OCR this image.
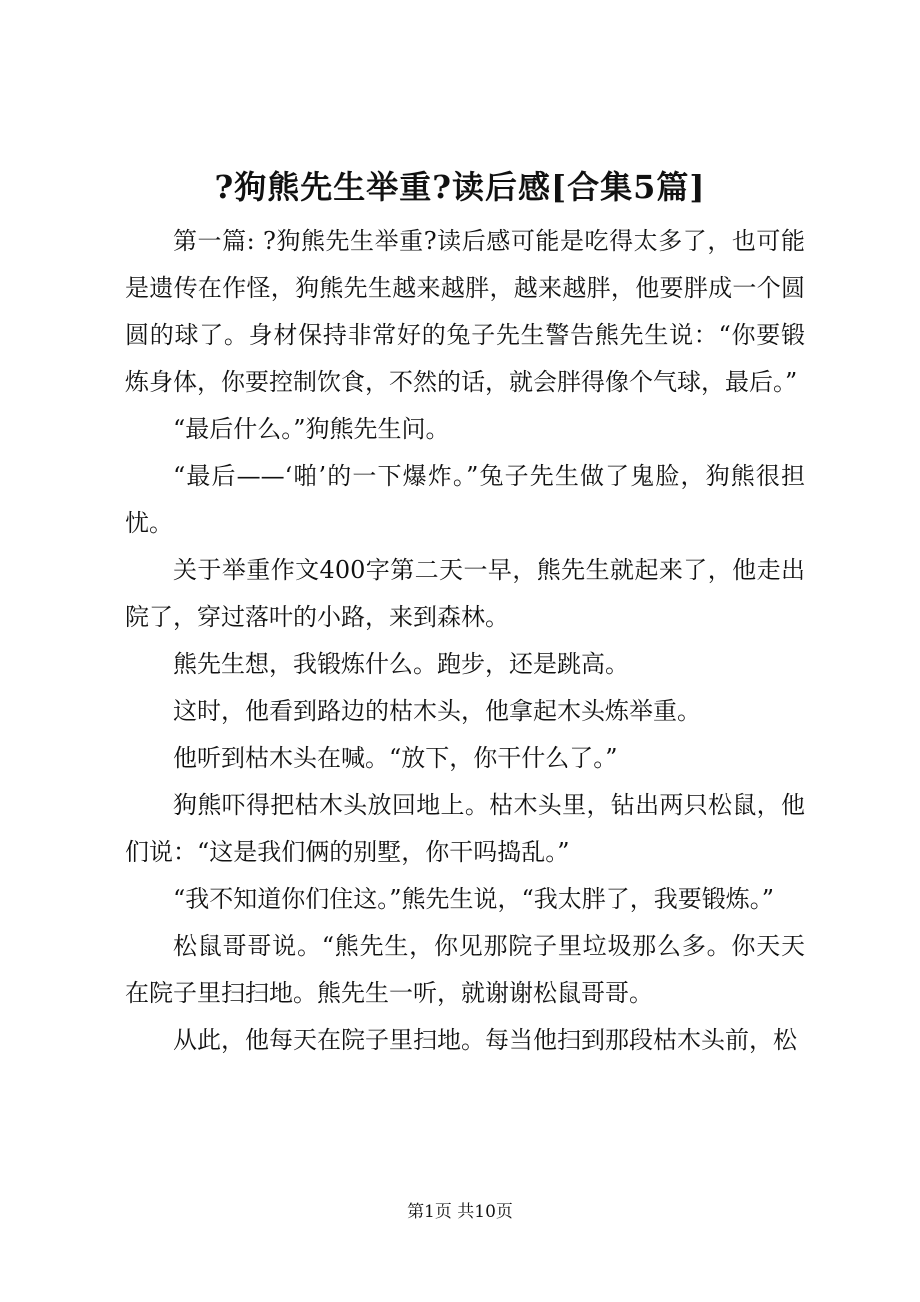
?狗熊先生举重?读后感[合集5篇]

第一篇: ?狗熊先生举重?读后感可能是吃得太多了，也可能是遗传在作怪，狗熊先生越来越胖，越来越胖，他要胖成一个圆圆的球了。身材保持非常好的兔子先生警告熊先生说：“你要锻炼身体，你要控制饮食，不然的话，就会胖得像个气球，最后。”

“最后什么。”狗熊先生问。

“最后——‘啪’的一下爆炸。”兔子先生做了鬼脸，狗熊很担忧。

关于举重作文400字第二天一早，熊先生就起来了，他走出院了，穿过落叶的小路，来到森林。

熊先生想，我锻炼什么。跑步，还是跳高。

这时，他看到路边的枯木头，他拿起木头炼举重。

他听到枯木头在喊。“放下，你干什么了。”

狗熊吓得把枯木头放回地上。枯木头里，钻出两只松鼠，他们说：“这是我们俩的别墅，你干吗捣乱。”

“我不知道你们住这。”熊先生说，“我太胖了，我要锻炼。”

松鼠哥哥说。“熊先生，你见那院子里垃圾那么多。你天天在院子里扫扫地。熊先生一听，就谢谢松鼠哥哥。

从此，他每天在院子里扫地。每当他扫到那段枯木头前，松

第1页 共10页
